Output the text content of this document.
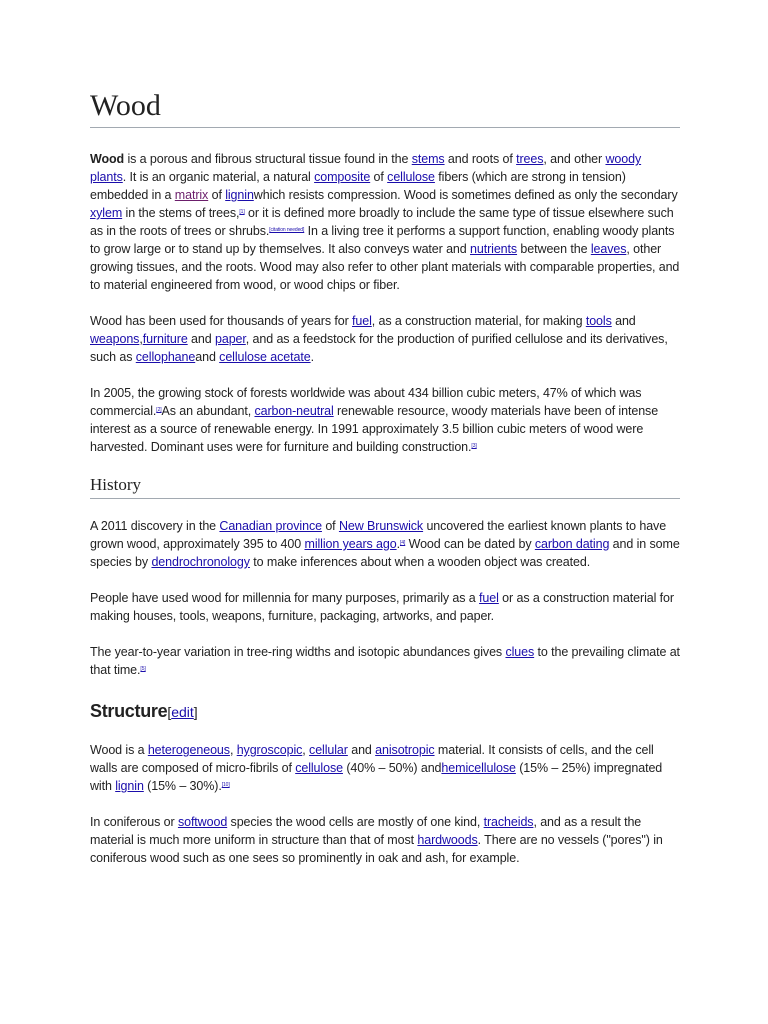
Wood

Wood is a porous and fibrous structural tissue found in the stems and roots of trees, and other woody plants. It is an organic material, a natural composite of cellulose fibers (which are strong in tension) embedded in a matrix of ligninwhich resists compression. Wood is sometimes defined as only the secondary xylem in the stems of trees,[1] or it is defined more broadly to include the same type of tissue elsewhere such as in the roots of trees or shrubs.[citation needed] In a living tree it performs a support function, enabling woody plants to grow large or to stand up by themselves. It also conveys water and nutrients between the leaves, other growing tissues, and the roots. Wood may also refer to other plant materials with comparable properties, and to material engineered from wood, or wood chips or fiber.

Wood has been used for thousands of years for fuel, as a construction material, for making tools and weapons,furniture and paper, and as a feedstock for the production of purified cellulose and its derivatives, such as cellophaneand cellulose acetate.

In 2005, the growing stock of forests worldwide was about 434 billion cubic meters, 47% of which was commercial.[2]As an abundant, carbon-neutral renewable resource, woody materials have been of intense interest as a source of renewable energy. In 1991 approximately 3.5 billion cubic meters of wood were harvested. Dominant uses were for furniture and building construction.[3]

History

A 2011 discovery in the Canadian province of New Brunswick uncovered the earliest known plants to have grown wood, approximately 395 to 400 million years ago.[4] Wood can be dated by carbon dating and in some species by dendrochronology to make inferences about when a wooden object was created.

People have used wood for millennia for many purposes, primarily as a fuel or as a construction material for making houses, tools, weapons, furniture, packaging, artworks, and paper.

The year-to-year variation in tree-ring widths and isotopic abundances gives clues to the prevailing climate at that time.[5]

Structure[edit]

Wood is a heterogeneous, hygroscopic, cellular and anisotropic material. It consists of cells, and the cell walls are composed of micro-fibrils of cellulose (40% – 50%) andhemicellulose (15% – 25%) impregnated with lignin (15% – 30%).[10]

In coniferous or softwood species the wood cells are mostly of one kind, tracheids, and as a result the material is much more uniform in structure than that of most hardwoods. There are no vessels ("pores") in coniferous wood such as one sees so prominently in oak and ash, for example.
